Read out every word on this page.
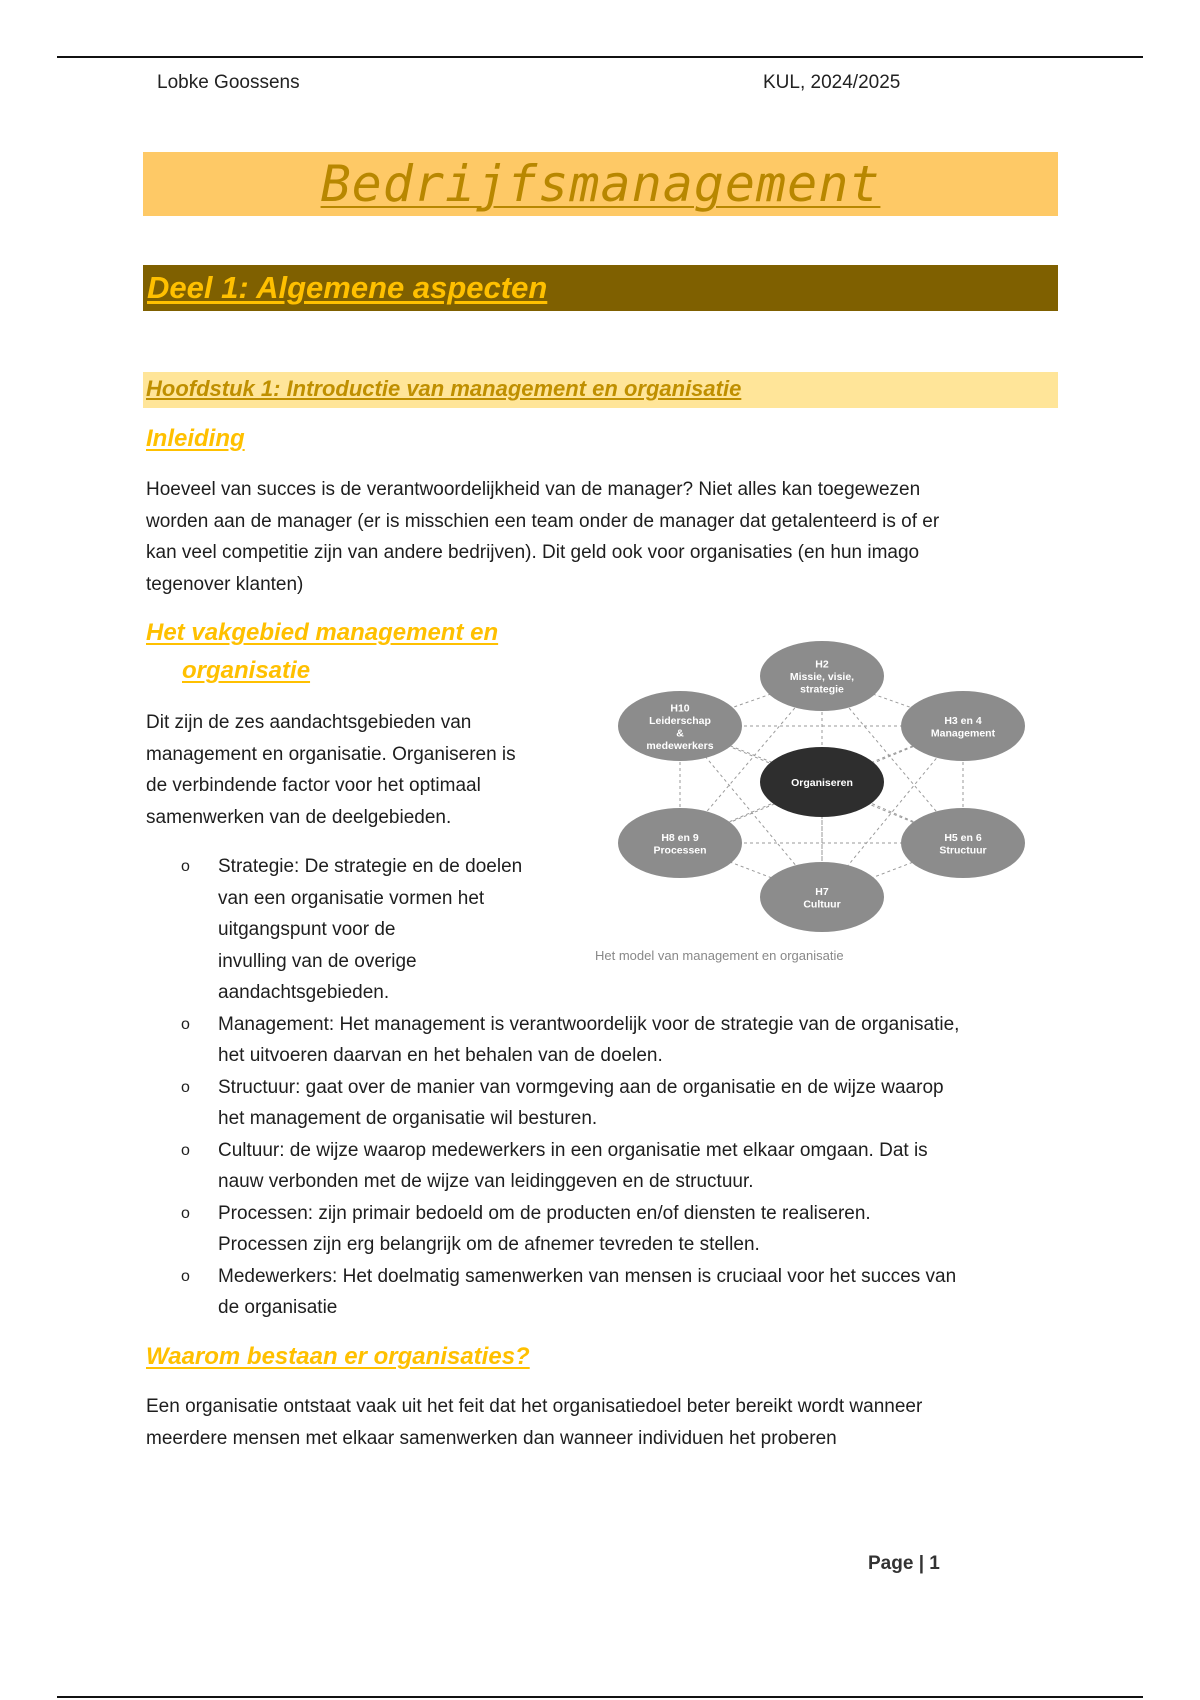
Lobke Goossens	KUL, 2024/2025
Bedrijfsmanagement
Deel 1: Algemene aspecten
Hoofdstuk 1: Introductie van management en organisatie
Inleiding
Hoeveel van succes is de verantwoordelijkheid van de manager? Niet alles kan toegewezen
worden aan de manager (er is misschien een team onder de manager dat getalenteerd is of er
kan veel competitie zijn van andere bedrijven). Dit geld ook voor organisaties (en hun imago
tegenover klanten)
Het vakgebied management en
organisatie
Dit zijn de zes aandachtsgebieden van
management en organisatie. Organiseren is
de verbindende factor voor het optimaal
samenwerken van de deelgebieden.
o Strategie: De strategie en de doelen
van een organisatie vormen het
uitgangspunt voor de
invulling van de overige
aandachtsgebieden.
o Management: Het management is verantwoordelijk voor de strategie van de organisatie,
het uitvoeren daarvan en het behalen van de doelen.
o Structuur: gaat over de manier van vormgeving aan de organisatie en de wijze waarop
het management de organisatie wil besturen.
o Cultuur: de wijze waarop medewerkers in een organisatie met elkaar omgaan. Dat is
nauw verbonden met de wijze van leidinggeven en de structuur.
o Processen: zijn primair bedoeld om de producten en/of diensten te realiseren.
Processen zijn erg belangrijk om de afnemer tevreden te stellen.
o Medewerkers: Het doelmatig samenwerken van mensen is cruciaal voor het succes van
de organisatie
H2
Missie, visie,
strategie
H3 en 4
Management
H5 en 6
Structuur
H7
Cultuur
H8 en 9
Processen
H10
Leiderschap
&
medewerkers
Organiseren
Het model van management en organisatie
Waarom bestaan er organisaties?
Een organisatie ontstaat vaak uit het feit dat het organisatiedoel beter bereikt wordt wanneer
meerdere mensen met elkaar samenwerken dan wanneer individuen het proberen
Page | 1
